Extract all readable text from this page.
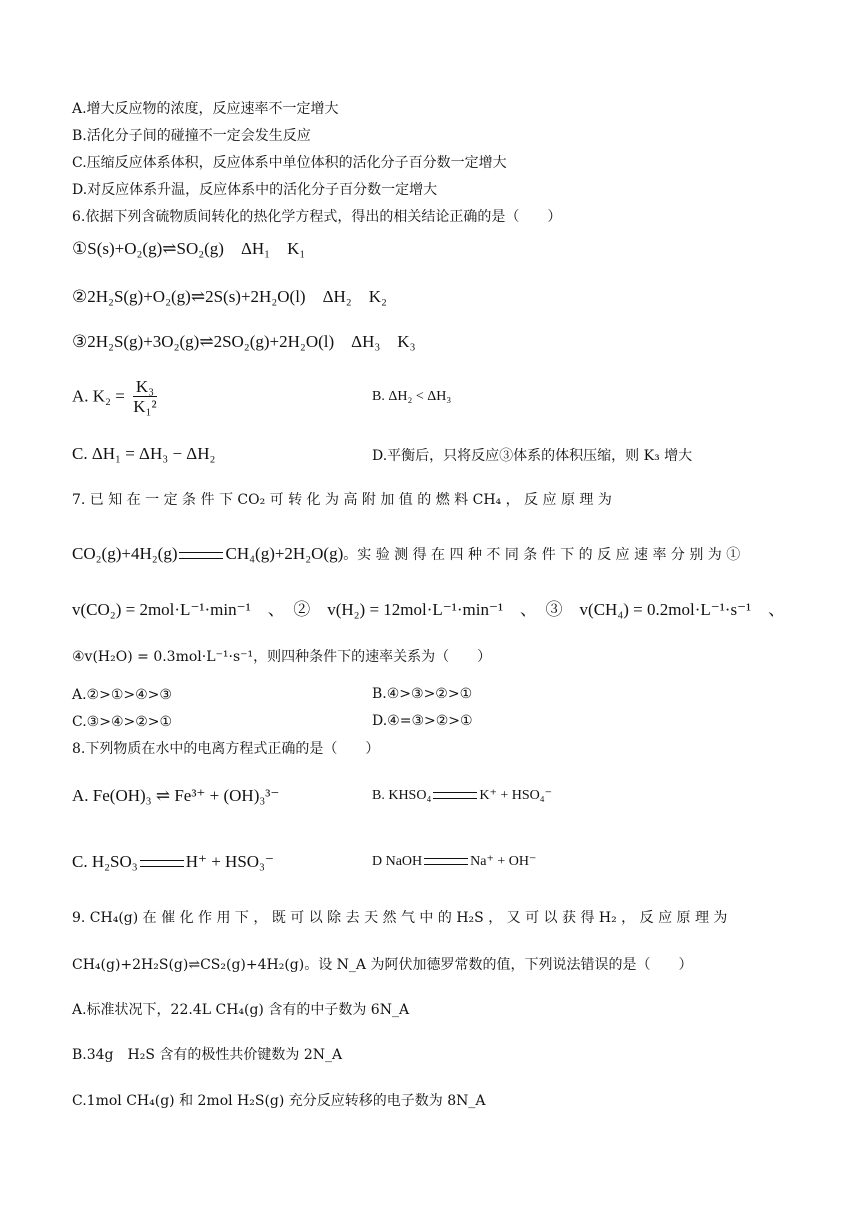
A.增大反应物的浓度，反应速率不一定增大
B.活化分子间的碰撞不一定会发生反应
C.压缩反应体系体积，反应体系中单位体积的活化分子百分数一定增大
D.对反应体系升温，反应体系中的活化分子百分数一定增大
6.依据下列含硫物质间转化的热化学方程式，得出的相关结论正确的是（　　）
①S(s)+O₂(g)⇌SO₂(g)　ΔH₁　K₁
②2H₂S(g)+O₂(g)⇌2S(s)+2H₂O(l)　ΔH₂　K₂
③2H₂S(g)+3O₂(g)⇌2SO₂(g)+2H₂O(l)　ΔH₃　K₃
A. $K_2 = \frac{\text{K₃}}{\text{K₁²}}$	B. ΔH₂ < ΔH₃
C. ΔH₁ = ΔH₃ − ΔH₂	D.平衡后，只将反应③体系的体积压缩，则 K₃ 增大
7. 已 知 在 一 定 条 件 下 CO₂ 可 转 化 为 高 附 加 值 的 燃 料 CH₄ ， 反 应 原 理 为
CO₂(g)+4H₂(g)	CH₄(g)+2H₂O(g)。实 验 测 得 在 四 种 不 同 条 件 下 的 反 应 速 率 分 别 为 ①
v(CO₂) = 2mol·L⁻¹·min⁻¹　、　②　v(H₂) = 12mol·L⁻¹·min⁻¹　、　③　v(CH₄) = 0.2mol·L⁻¹·s⁻¹　、
④v(H₂O) = 0.3mol·L⁻¹·s⁻¹，则四种条件下的速率关系为（　　）
A.②>①>④>③	B.④>③>②>①
C.③>④>②>①	D.④=③>②>①
8.下列物质在水中的电离方程式正确的是（　　）
A. Fe(OH)₃ ⇌ Fe³⁺ + (OH)₃³⁻	B. KHSO₄	K⁺ + HSO₄⁻
C. H₂SO₃	H⁺ + HSO₃⁻	D NaOH	Na⁺ + OH⁻
9. CH₄(g) 在 催 化 作 用 下 ， 既 可 以 除 去 天 然 气 中 的 H₂S ， 又 可 以 获 得 H₂ ， 反 应 原 理 为
CH₄(g)+2H₂S(g)⇌CS₂(g)+4H₂(g)。设 N_A 为阿伏加德罗常数的值，下列说法错误的是（　　）
A.标准状况下，22.4L CH₄(g) 含有的中子数为 6N_A
B.34g　H₂S 含有的极性共价键数为 2N_A
C.1mol CH₄(g) 和 2mol H₂S(g) 充分反应转移的电子数为 8N_A
